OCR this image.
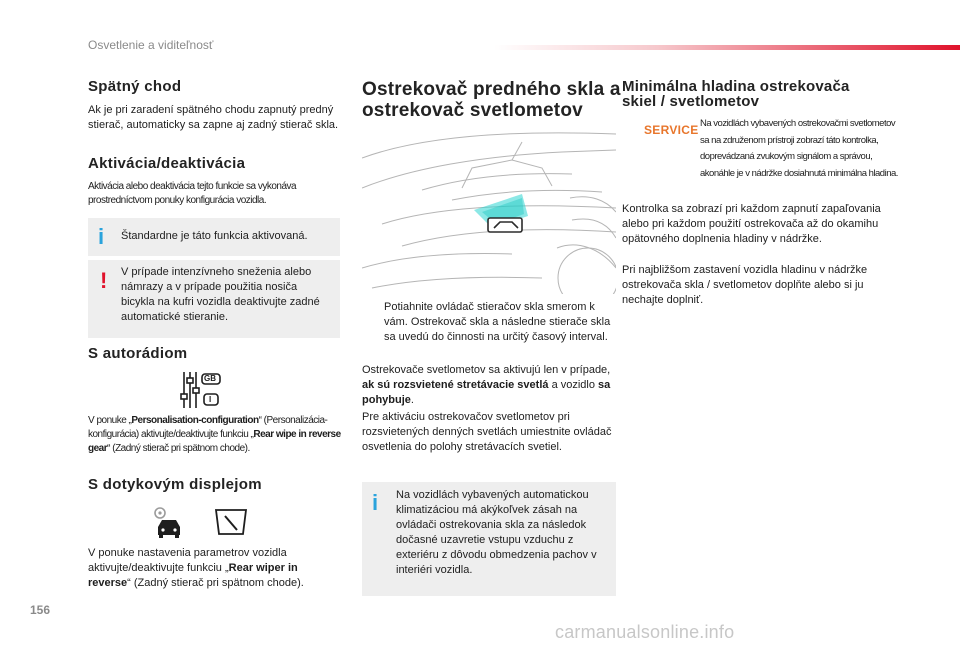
Osvetlenie a viditeľnosť
Spätný chod

Ak je pri zaradení spätného chodu zapnutý predný stierač, automaticky sa zapne aj zadný stierač skla.

Aktivácia/deaktivácia

Aktivácia alebo deaktivácia tejto funkcie sa vykonáva prostredníctvom ponuky konfigurácia vozidla.

i Štandardne je táto funkcia aktivovaná.
! V prípade intenzívneho sneženia alebo námrazy a v prípade použitia nosiča bicykla na kufri vozidla deaktivujte zadné automatické stieranie.
S autorádiom
GB
I

V ponuke „Personalisation-configuration“ (Personalizácia-konfigurácia) aktivujte/deaktivujte funkciu „Rear wipe in reverse gear“ (Zadný stierač pri spätnom chode).

S dotykovým displejom

V ponuke nastavenia parametrov vozidla aktivujte/deaktivujte funkciu „Rear wiper in reverse“ (Zadný stierač pri spätnom chode).

Ostrekovač predného skla a
ostrekovač svetlometov

Potiahnite ovládač stieračov skla smerom k vám. Ostrekovač skla a následne stierače skla sa uvedú do činnosti na určitý časový interval.

Ostrekovače svetlometov sa aktivujú len v prípade, ak sú rozsvietené stretávacie svetlá a vozidlo sa pohybuje.

Pre aktiváciu ostrekovačov svetlometov pri rozsvietených denných svetlách umiestnite ovládač osvetlenia do polohy stretávacích svetiel.

i Na vozidlách vybavených automatickou klimatizáciou má akýkoľvek zásah na ovládači ostrekovania skla za následok dočasné uzavretie vstupu vzduchu z exteriéru z dôvodu obmedzenia pachov v interiéri vozidla.
Minimálna hladina ostrekovača
skiel / svetlometov
SERVICE Na vozidlách vybavených ostrekovačmi svetlometov sa na združenom prístroji zobrazí táto kontrolka, doprevádzaná zvukovým signálom a správou, akonáhle je v nádržke dosiahnutá minimálna hladina.

Kontrolka sa zobrazí pri každom zapnutí zapaľovania alebo pri každom použití ostrekovača až do okamihu opätovného doplnenia hladiny v nádržke.

Pri najbližšom zastavení vozidla hladinu v nádržke ostrekovača skla / svetlometov doplňte alebo si ju nechajte doplniť.

156
carmanualsonline.info
